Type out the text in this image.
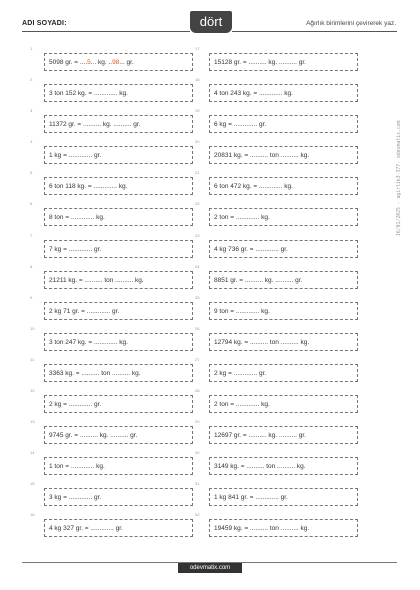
ADI SOYADI:	dört	Ağırlık birimlerini çevirerek yaz.
1.
5098 gr. = ....5... kg. ..98... gr.
2.
3 ton 152 kg. = ............. kg.
3.
11372 gr. = .......... kg. .......... gr.
4.
1 kg = ............. gr.
5.
6 ton 118 kg. = ............. kg.
6.
8 ton = ............. kg.
7.
7 kg = ............. gr.
8.
21211 kg. = .......... ton .......... kg.
9.
2 kg 71 gr. = ............. gr.
10.
3 ton 247 kg. = ............. kg.
11.
3363 kg. = .......... ton .......... kg.
12.
2 kg = ............. gr.
13.
9745 gr. = .......... kg. .......... gr.
14.
1 ton = ............. kg.
15.
3 kg = ............. gr.
16.
4 kg 327 gr. = ............. gr.
17.
15128 gr. = .......... kg. .......... gr.
18.
4 ton 243 kg. = ............. kg.
19.
6 kg = ............. gr.
20.
20831 kg. = .......... ton .......... kg.
21.
6 ton 472 kg. = ............. kg.
22.
2 ton = ............. kg.
23.
4 kg 736 gr. = ............. gr.
24.
8851 gr. = .......... kg. .......... gr.
25.
9 ton = ............. kg.
26.
12794 kg. = .......... ton .......... kg.
27.
2 kg = ............. gr.
28.
2 ton = ............. kg.
29.
12697 gr. = .......... kg. .......... gr.
30.
3149 kg. = .......... ton .......... kg.
31.
1 kg 841 gr. = ............. gr.
32.
19459 kg. = .......... ton .......... kg.
odevmatix.com
16/01/2025 - agirlik3-377- odevmatix.com
